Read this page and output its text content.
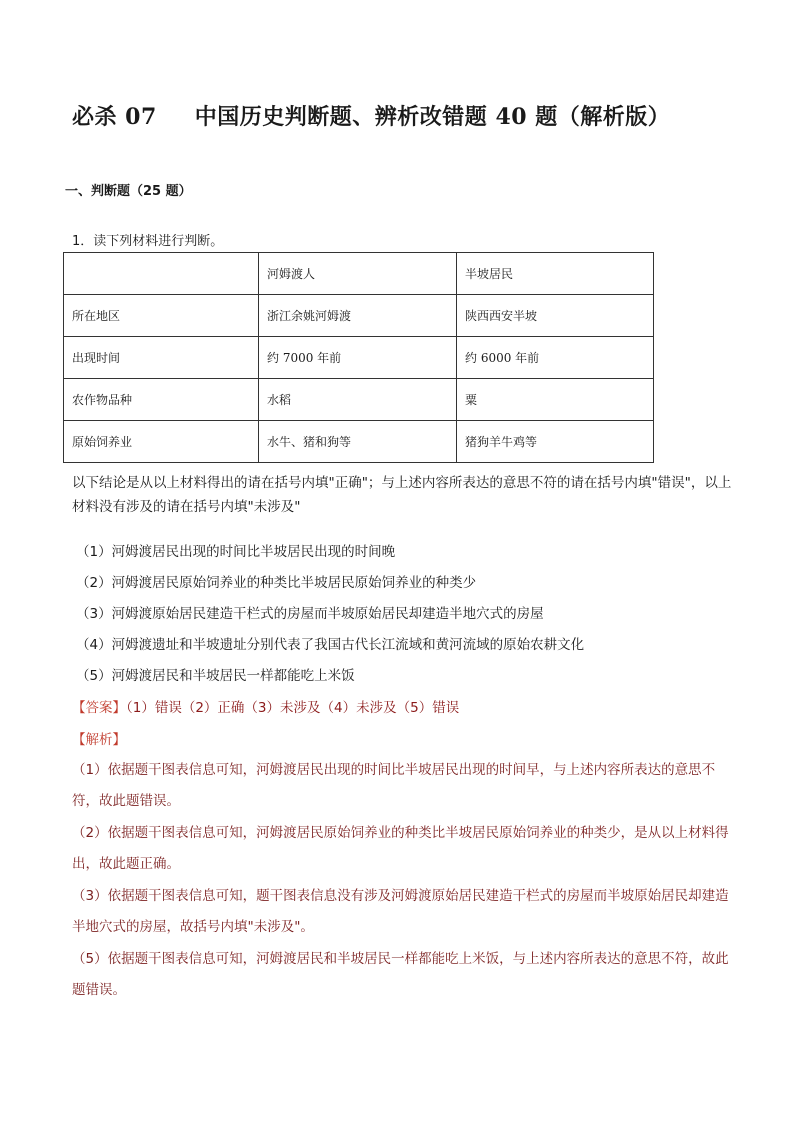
必杀 07 中国历史判断题、辨析改错题 40 题（解析版）
一、判断题（25 题）
1．读下列材料进行判断。
	河姆渡人	半坡居民
所在地区	浙江余姚河姆渡	陕西西安半坡
出现时间	约 7000 年前	约 6000 年前
农作物品种	水稻	粟
原始饲养业	水牛、猪和狗等	猪狗羊牛鸡等
以下结论是从以上材料得出的请在括号内填"正确"；与上述内容所表达的意思不符的请在括号内填"错误"，以上材料没有涉及的请在括号内填"未涉及"
（1）河姆渡居民出现的时间比半坡居民出现的时间晚
（2）河姆渡居民原始饲养业的种类比半坡居民原始饲养业的种类少
（3）河姆渡原始居民建造干栏式的房屋而半坡原始居民却建造半地穴式的房屋
（4）河姆渡遗址和半坡遗址分别代表了我国古代长江流域和黄河流域的原始农耕文化
（5）河姆渡居民和半坡居民一样都能吃上米饭
【答案】（1）错误（2）正确（3）未涉及（4）未涉及（5）错误
【解析】
（1）依据题干图表信息可知，河姆渡居民出现的时间比半坡居民出现的时间早，与上述内容所表达的意思不符，故此题错误。
（2）依据题干图表信息可知，河姆渡居民原始饲养业的种类比半坡居民原始饲养业的种类少，是从以上材料得出，故此题正确。
（3）依据题干图表信息可知，题干图表信息没有涉及河姆渡原始居民建造干栏式的房屋而半坡原始居民却建造半地穴式的房屋，故括号内填"未涉及"。
（5）依据题干图表信息可知，河姆渡居民和半坡居民一样都能吃上米饭，与上述内容所表达的意思不符，故此题错误。
